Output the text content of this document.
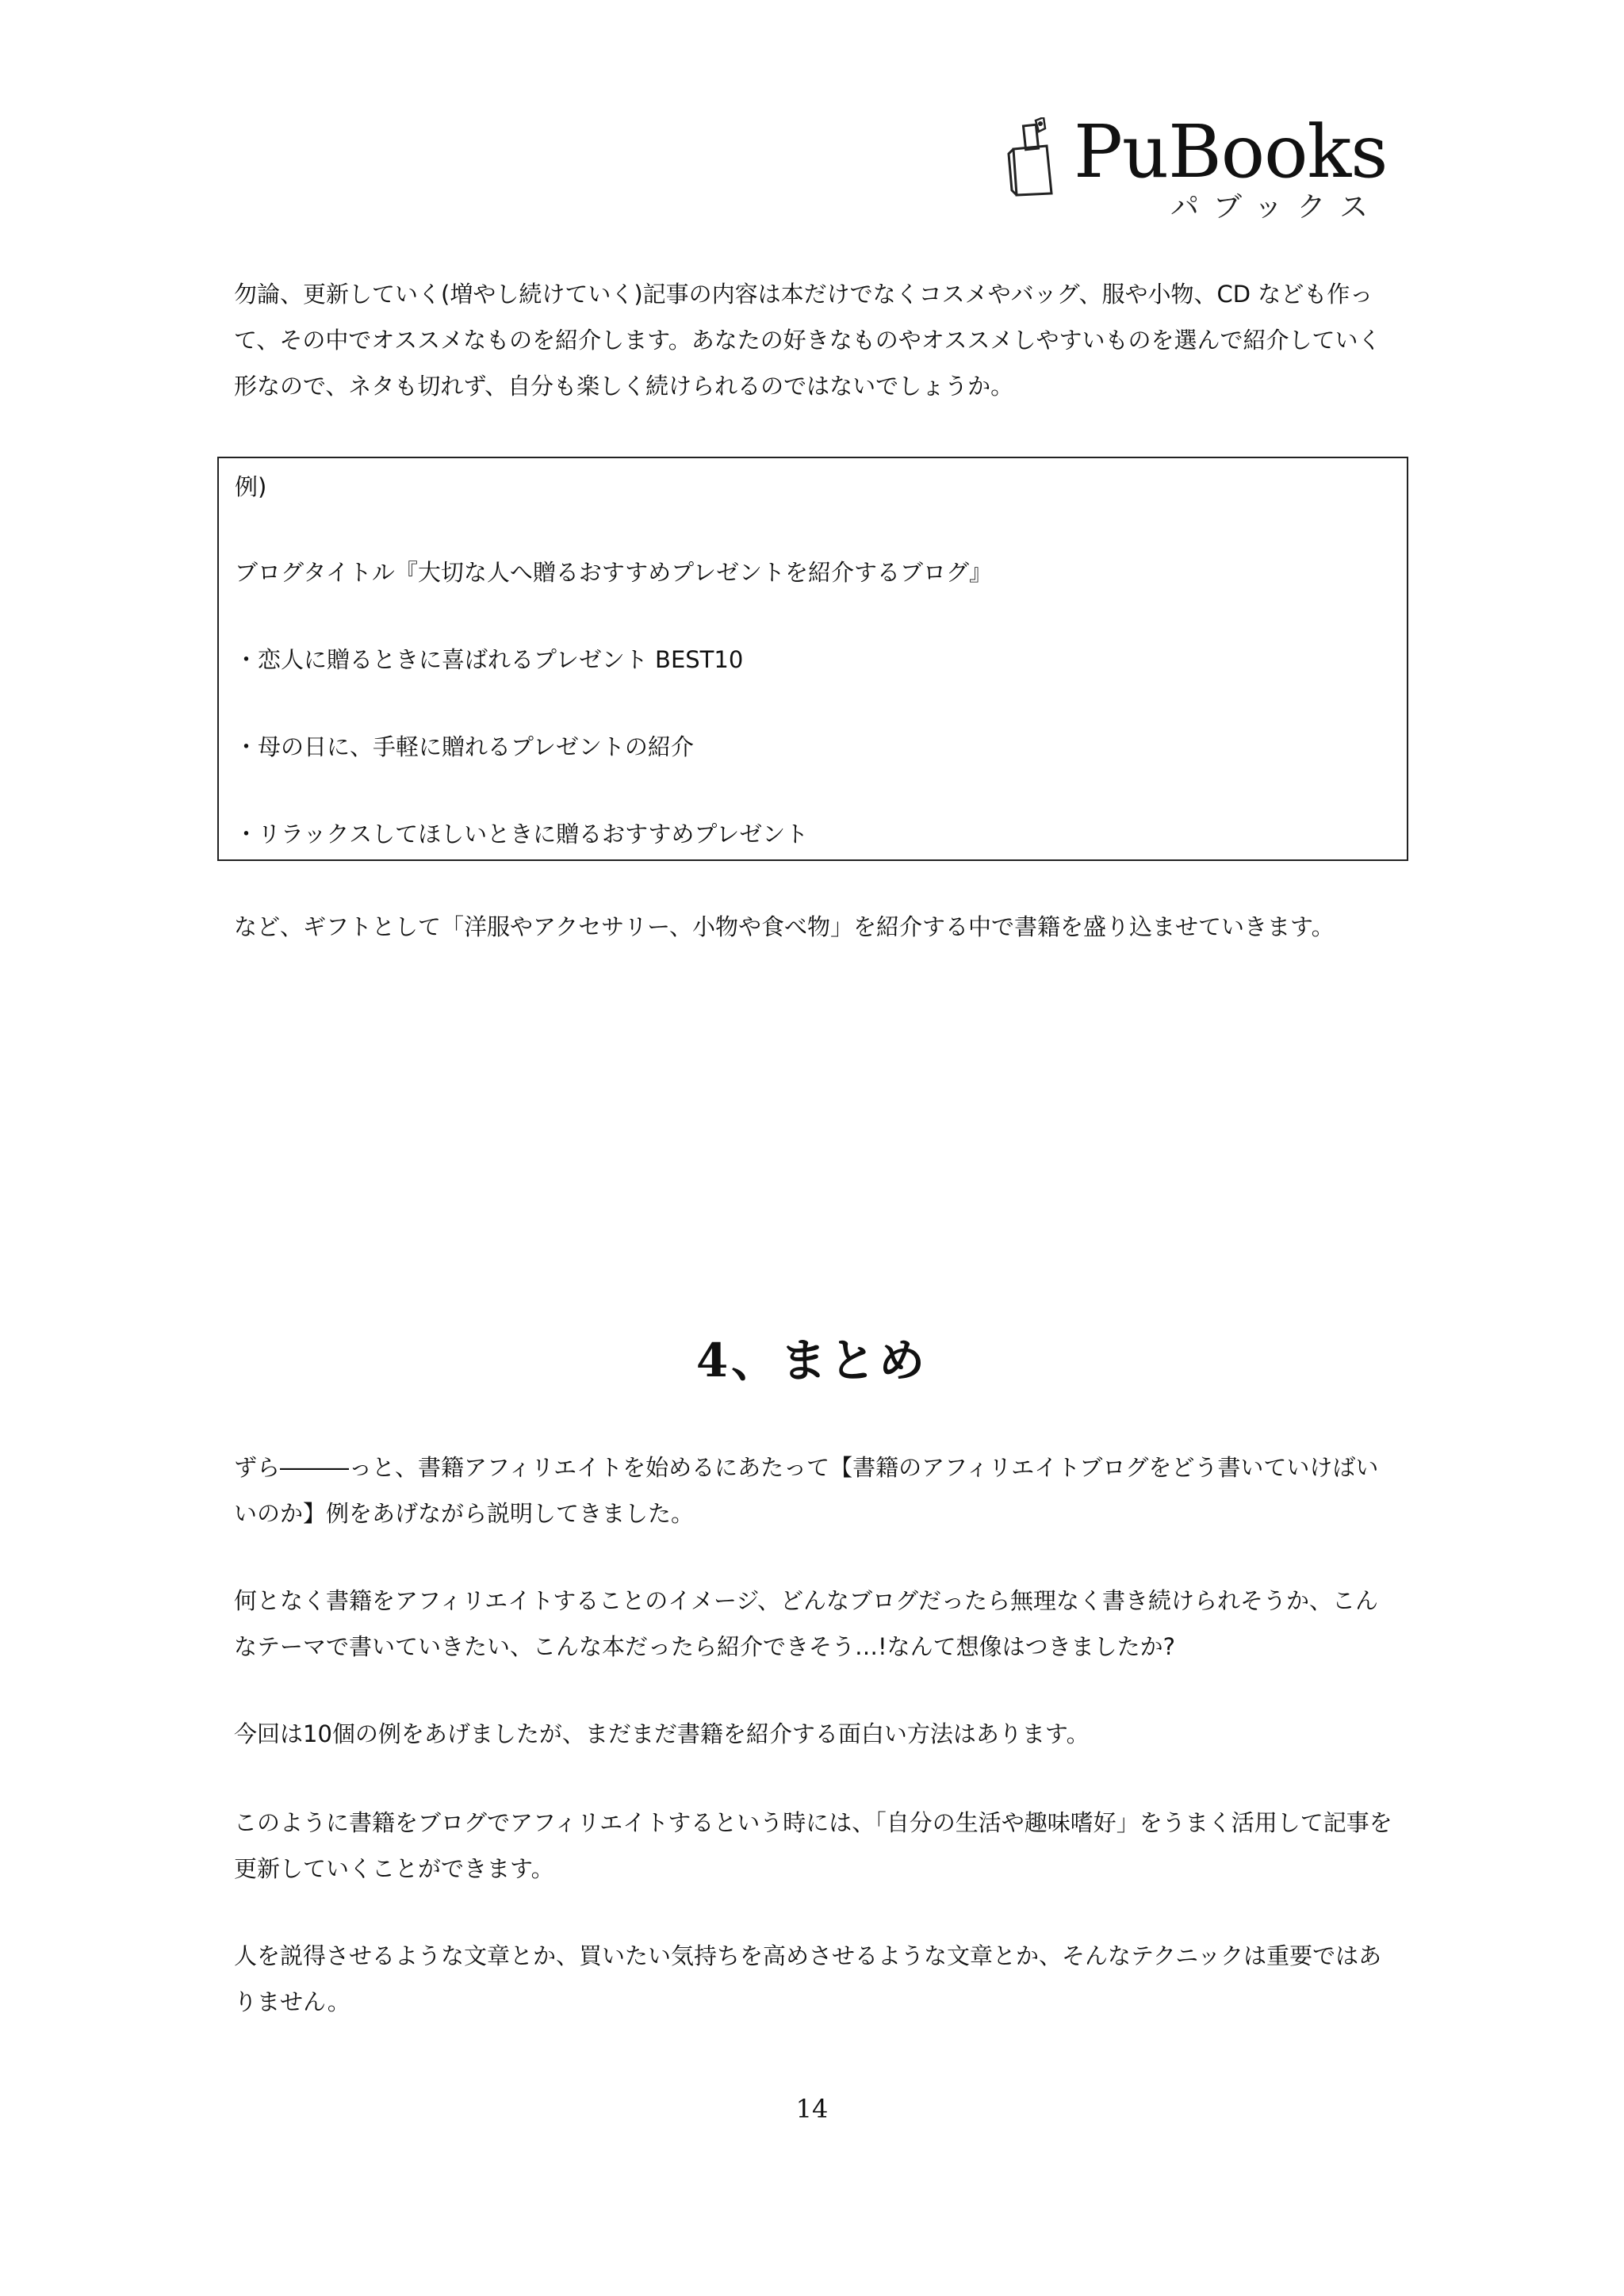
PuBooks
パブックス

勿論、更新していく(増やし続けていく)記事の内容は本だけでなくコスメやバッグ、服や小物、CD なども作って、その中でオススメなものを紹介します。あなたの好きなものやオススメしやすいものを選んで紹介していく形なので、ネタも切れず、自分も楽しく続けられるのではないでしょうか。

例)
ブログタイトル『大切な人へ贈るおすすめプレゼントを紹介するブログ』
・恋人に贈るときに喜ばれるプレゼント BEST10
・母の日に、手軽に贈れるプレゼントの紹介
・リラックスしてほしいときに贈るおすすめプレゼント

など、ギフトとして「洋服やアクセサリー、小物や食べ物」を紹介する中で書籍を盛り込ませていきます。

4、まとめ

ずら―――っと、書籍アフィリエイトを始めるにあたって【書籍のアフィリエイトブログをどう書いていけばいいのか】例をあげながら説明してきました。

何となく書籍をアフィリエイトすることのイメージ、どんなブログだったら無理なく書き続けられそうか、こんなテーマで書いていきたい、こんな本だったら紹介できそう…!なんて想像はつきましたか?

今回は10個の例をあげましたが、まだまだ書籍を紹介する面白い方法はあります。

このように書籍をブログでアフィリエイトするという時には、「自分の生活や趣味嗜好」をうまく活用して記事を更新していくことができます。

人を説得させるような文章とか、買いたい気持ちを高めさせるような文章とか、そんなテクニックは重要ではありません。

14
